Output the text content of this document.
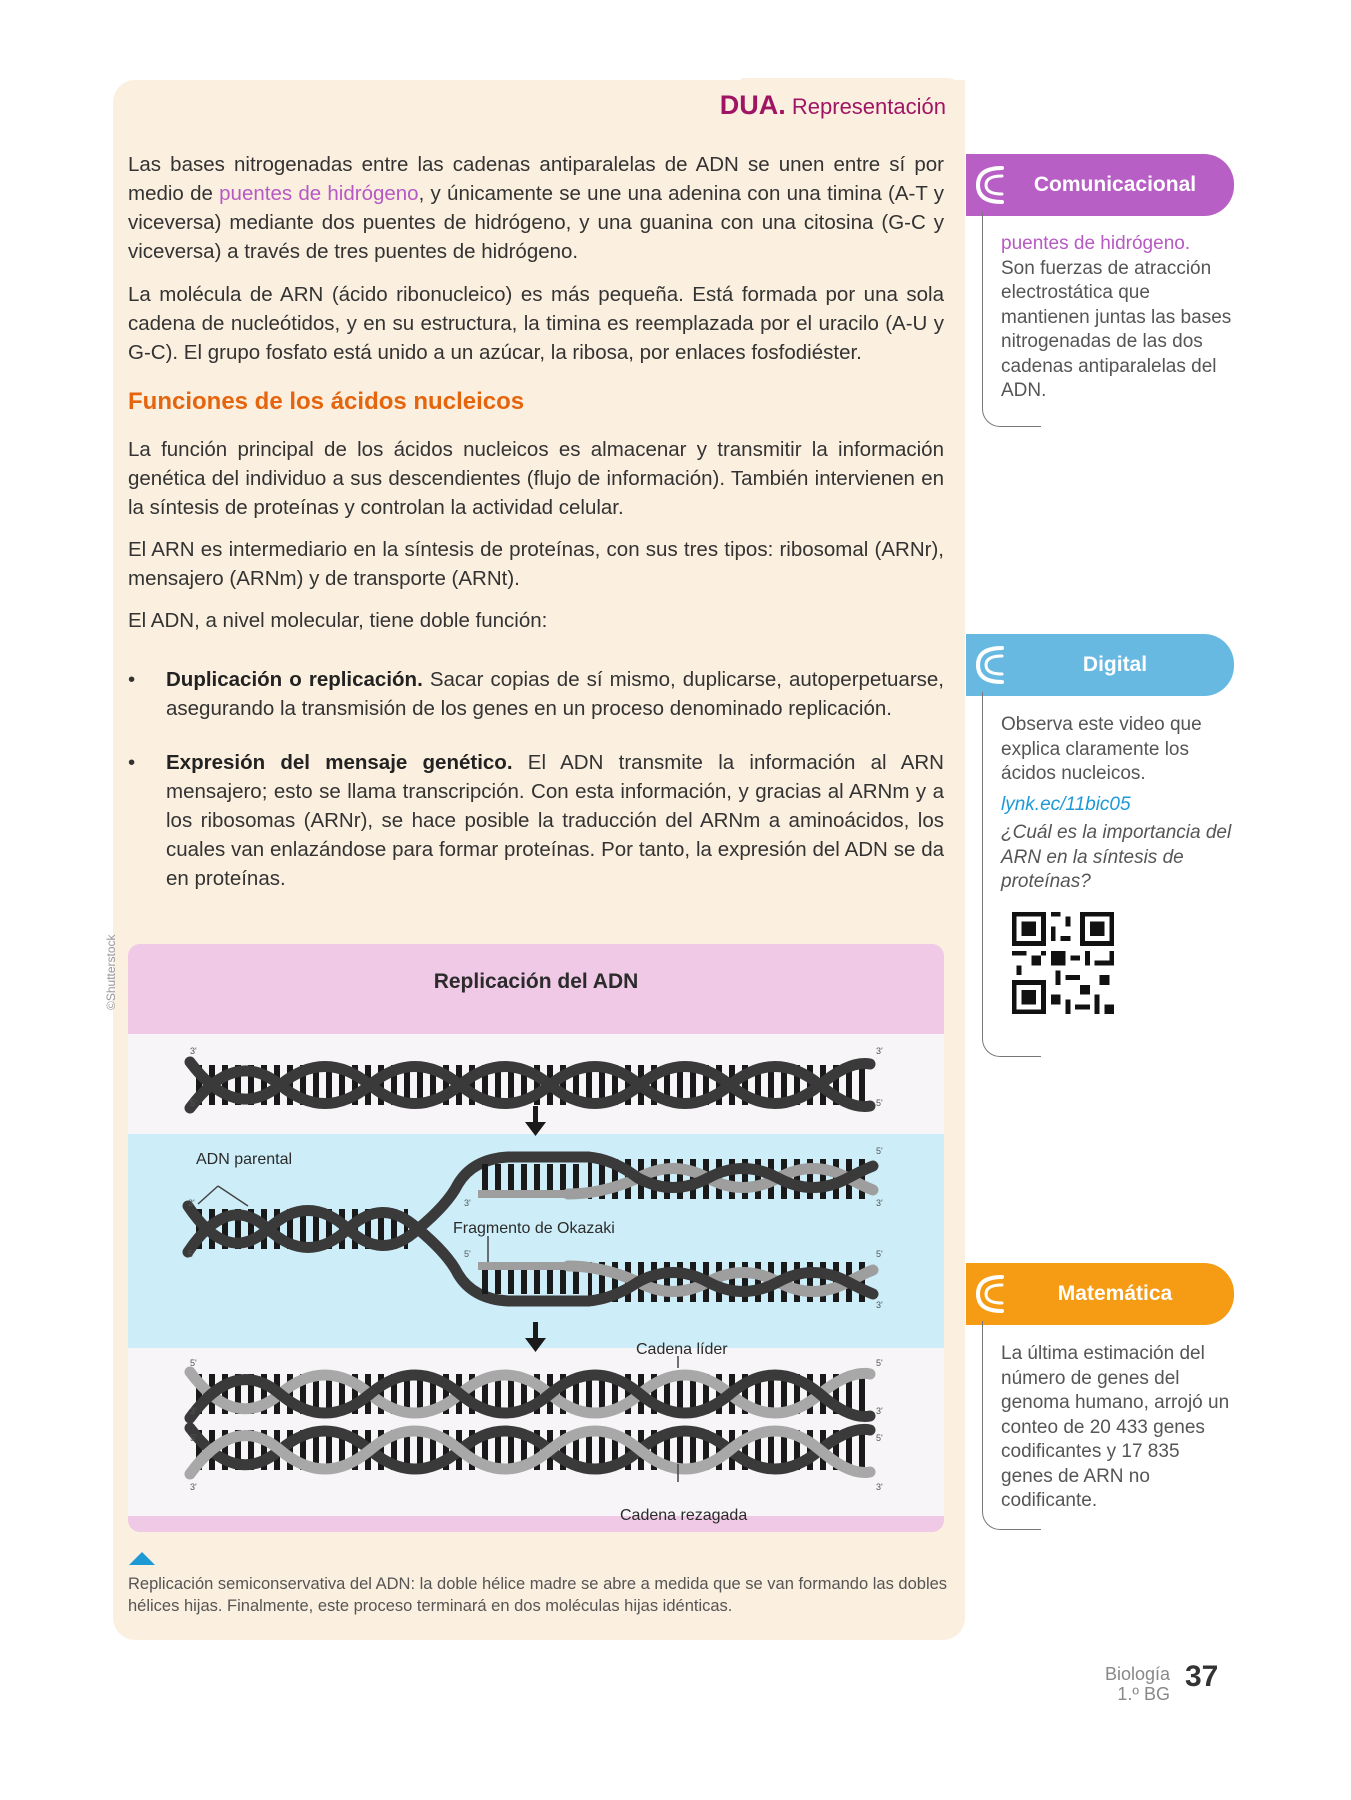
DUA. Representación

Las bases nitrogenadas entre las cadenas antiparalelas de ADN se unen entre sí por medio de puentes de hidrógeno, y únicamente se une una adenina con una timina (A-T y viceversa) mediante dos puentes de hidrógeno, y una guanina con una citosina (G-C y viceversa) a través de tres puentes de hidrógeno.

La molécula de ARN (ácido ribonucleico) es más pequeña. Está formada por una sola cadena de nucleótidos, y en su estructura, la timina es reemplazada por el uracilo (A-U y G-C). El grupo fosfato está unido a un azúcar, la ribosa, por enlaces fosfodiéster.

Funciones de los ácidos nucleicos

La función principal de los ácidos nucleicos es almacenar y transmitir la información genética del individuo a sus descendientes (flujo de información). También intervienen en la síntesis de proteínas y controlan la actividad celular.

El ARN es intermediario en la síntesis de proteínas, con sus tres tipos: ribosomal (ARNr), mensajero (ARNm) y de transporte (ARNt).

El ADN, a nivel molecular, tiene doble función:

• Duplicación o replicación. Sacar copias de sí mismo, duplicarse, autoperpetuarse, asegurando la transmisión de los genes en un proceso denominado replicación.
• Expresión del mensaje genético. El ADN transmite la información al ARN mensajero; esto se llama transcripción. Con esta información, y gracias al ARNm y a los ribosomas (ARNr), se hace posible la traducción del ARNm a aminoácidos, los cuales van enlazándose para formar proteínas. Por tanto, la expresión del ADN se da en proteínas.
©Shutterstock	Replicación del ADN
ADN parental
Fragmento de Okazaki
Cadena líder
Cadena rezagada
3'
5'
3'
5'
3'
5'
3'
5'
5'
3'
5'
3'
5'
3'
5'
3'
5'
3'
5'
3'

Replicación semiconservativa del ADN: la doble hélice madre se abre a medida que se van formando las dobles hélices hijas. Finalmente, este proceso terminará en dos moléculas hijas idénticas.

Comunicacional

puentes de hidrógeno.
Son fuerzas de atracción electrostática que mantienen juntas las bases nitrogenadas de las dos cadenas antiparalelas del ADN.

Digital

Observa este video que explica claramente los ácidos nucleicos.

lynk.ec/11bic05
¿Cuál es la importancia del ARN en la síntesis de proteínas?

Matemática

La última estimación del número de genes del genoma humano, arrojó un conteo de 20 433 genes codificantes y 17 835 genes de ARN no codificante.

Biología
1.º BG
37
